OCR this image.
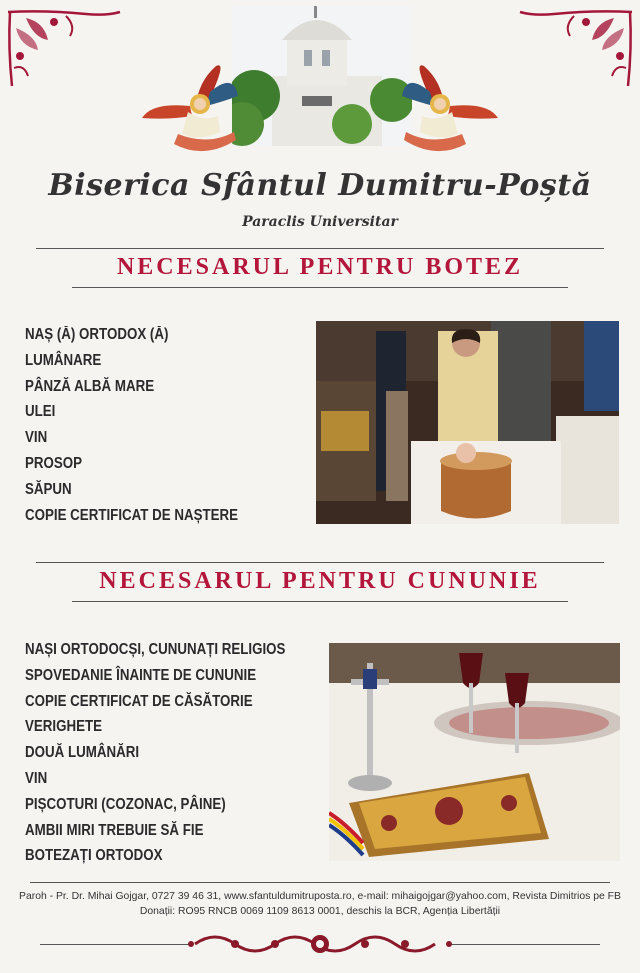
Biserica Sfântul Dumitru-Poștă
Paraclis Universitar
NECESARUL PENTRU BOTEZ
NAȘ (Ă) ORTODOX (Ă)
LUMÂNARE
PÂNZĂ ALBĂ MARE
ULEI
VIN
PROSOP
SĂPUN
COPIE CERTIFICAT DE NAȘTERE
NECESARUL PENTRU CUNUNIE
NAȘI ORTODOCȘI, CUNUNAȚI RELIGIOS
SPOVEDANIE ÎNAINTE DE CUNUNIE
COPIE CERTIFICAT DE CĂSĂTORIE
VERIGHETE
DOUĂ LUMÂNĂRI
VIN
PIȘCOTURI (COZONAC, PÂINE)
AMBII MIRI TREBUIE SĂ FIE
BOTEZAȚI ORTODOX
Paroh - Pr. Dr. Mihai Gojgar, 0727 39 46 31, www.sfantuldumitruposta.ro, e-mail: mihaigojgar@yahoo.com, Revista Dimitrios pe FB
Donații: RO95 RNCB 0069 1109 8613 0001, deschis la BCR, Agenția Libertății
